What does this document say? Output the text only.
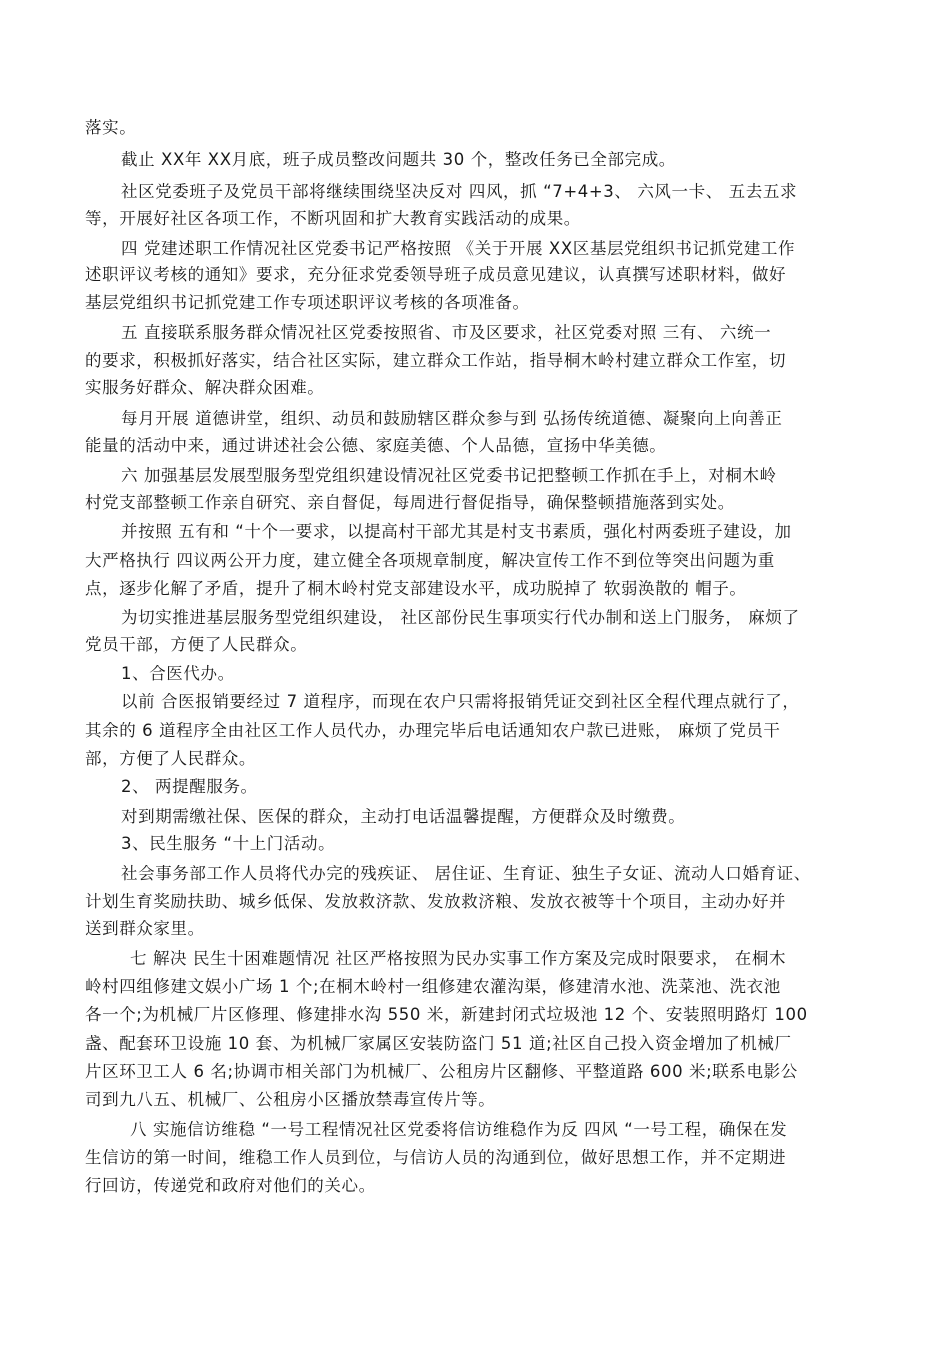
落实。
截止 XX年 XX月底，班子成员整改问题共 30 个，整改任务已全部完成。
社区党委班子及党员干部将继续围绕坚决反对 四风，抓 “7+4+3、 六风一卡、 五去五求
等，开展好社区各项工作，不断巩固和扩大教育实践活动的成果。
四 党建述职工作情况社区党委书记严格按照 《关于开展 XX区基层党组织书记抓党建工作
述职评议考核的通知》要求，充分征求党委领导班子成员意见建议，认真撰写述职材料，做好
基层党组织书记抓党建工作专项述职评议考核的各项准备。
五 直接联系服务群众情况社区党委按照省、市及区要求，社区党委对照 三有、 六统一
的要求，积极抓好落实，结合社区实际，建立群众工作站，指导桐木岭村建立群众工作室，切
实服务好群众、解决群众困难。
每月开展 道德讲堂，组织、动员和鼓励辖区群众参与到 弘扬传统道德、凝聚向上向善正
能量的活动中来，通过讲述社会公德、家庭美德、个人品德，宣扬中华美德。
六 加强基层发展型服务型党组织建设情况社区党委书记把整顿工作抓在手上，对桐木岭
村党支部整顿工作亲自研究、亲自督促，每周进行督促指导，确保整顿措施落到实处。
并按照 五有和 “十个一要求，以提高村干部尤其是村支书素质，强化村两委班子建设，加
大严格执行 四议两公开力度，建立健全各项规章制度，解决宣传工作不到位等突出问题为重
点，逐步化解了矛盾，提升了桐木岭村党支部建设水平，成功脱掉了 软弱涣散的 帽子。
为切实推进基层服务型党组织建设， 社区部份民生事项实行代办制和送上门服务， 麻烦了
党员干部，方便了人民群众。
1、合医代办。
以前 合医报销要经过 7 道程序，而现在农户只需将报销凭证交到社区全程代理点就行了，
其余的 6 道程序全由社区工作人员代办，办理完毕后电话通知农户款已进账， 麻烦了党员干
部，方便了人民群众。
2、 两提醒服务。
对到期需缴社保、医保的群众，主动打电话温馨提醒，方便群众及时缴费。
3、民生服务 “十上门活动。
社会事务部工作人员将代办完的残疾证、 居住证、生育证、独生子女证、流动人口婚育证、
计划生育奖励扶助、城乡低保、发放救济款、发放救济粮、发放衣被等十个项目，主动办好并
送到群众家里。
七 解决 民生十困难题情况 社区严格按照为民办实事工作方案及完成时限要求， 在桐木
岭村四组修建文娱小广场 1 个;在桐木岭村一组修建农灌沟渠，修建清水池、洗菜池、洗衣池
各一个;为机械厂片区修理、修建排水沟 550 米，新建封闭式垃圾池 12 个、安装照明路灯 100
盏、配套环卫设施 10 套、为机械厂家属区安装防盗门 51 道;社区自己投入资金增加了机械厂
片区环卫工人 6 名;协调市相关部门为机械厂、公租房片区翻修、平整道路 600 米;联系电影公
司到九八五、机械厂、公租房小区播放禁毒宣传片等。
八 实施信访维稳 “一号工程情况社区党委将信访维稳作为反 四风 “一号工程，确保在发
生信访的第一时间，维稳工作人员到位，与信访人员的沟通到位，做好思想工作，并不定期进
行回访，传递党和政府对他们的关心。
